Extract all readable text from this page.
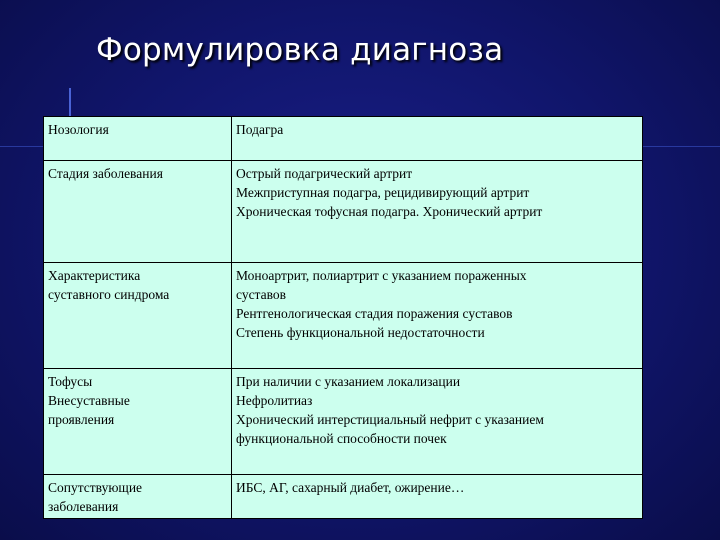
Формулировка диагноза
Нозология	Подагра

Стадия заболевания	Острый подагрический артрит
Межприступная подагра, рецидивирующий артрит
Хроническая тофусная подагра. Хронический артрит

Характеристика
суставного синдрома	Моноартрит, полиартрит с указанием пораженных
суставов
Рентгенологическая стадия поражения суставов
Степень функциональной недостаточности

Тофусы
Внесуставные
проявления	При наличии с указанием локализации
Нефролитиаз
Хронический интерстициальный нефрит с указанием
функциональной способности почек

Сопутствующие
заболевания	ИБС, АГ, сахарный диабет, ожирение…
